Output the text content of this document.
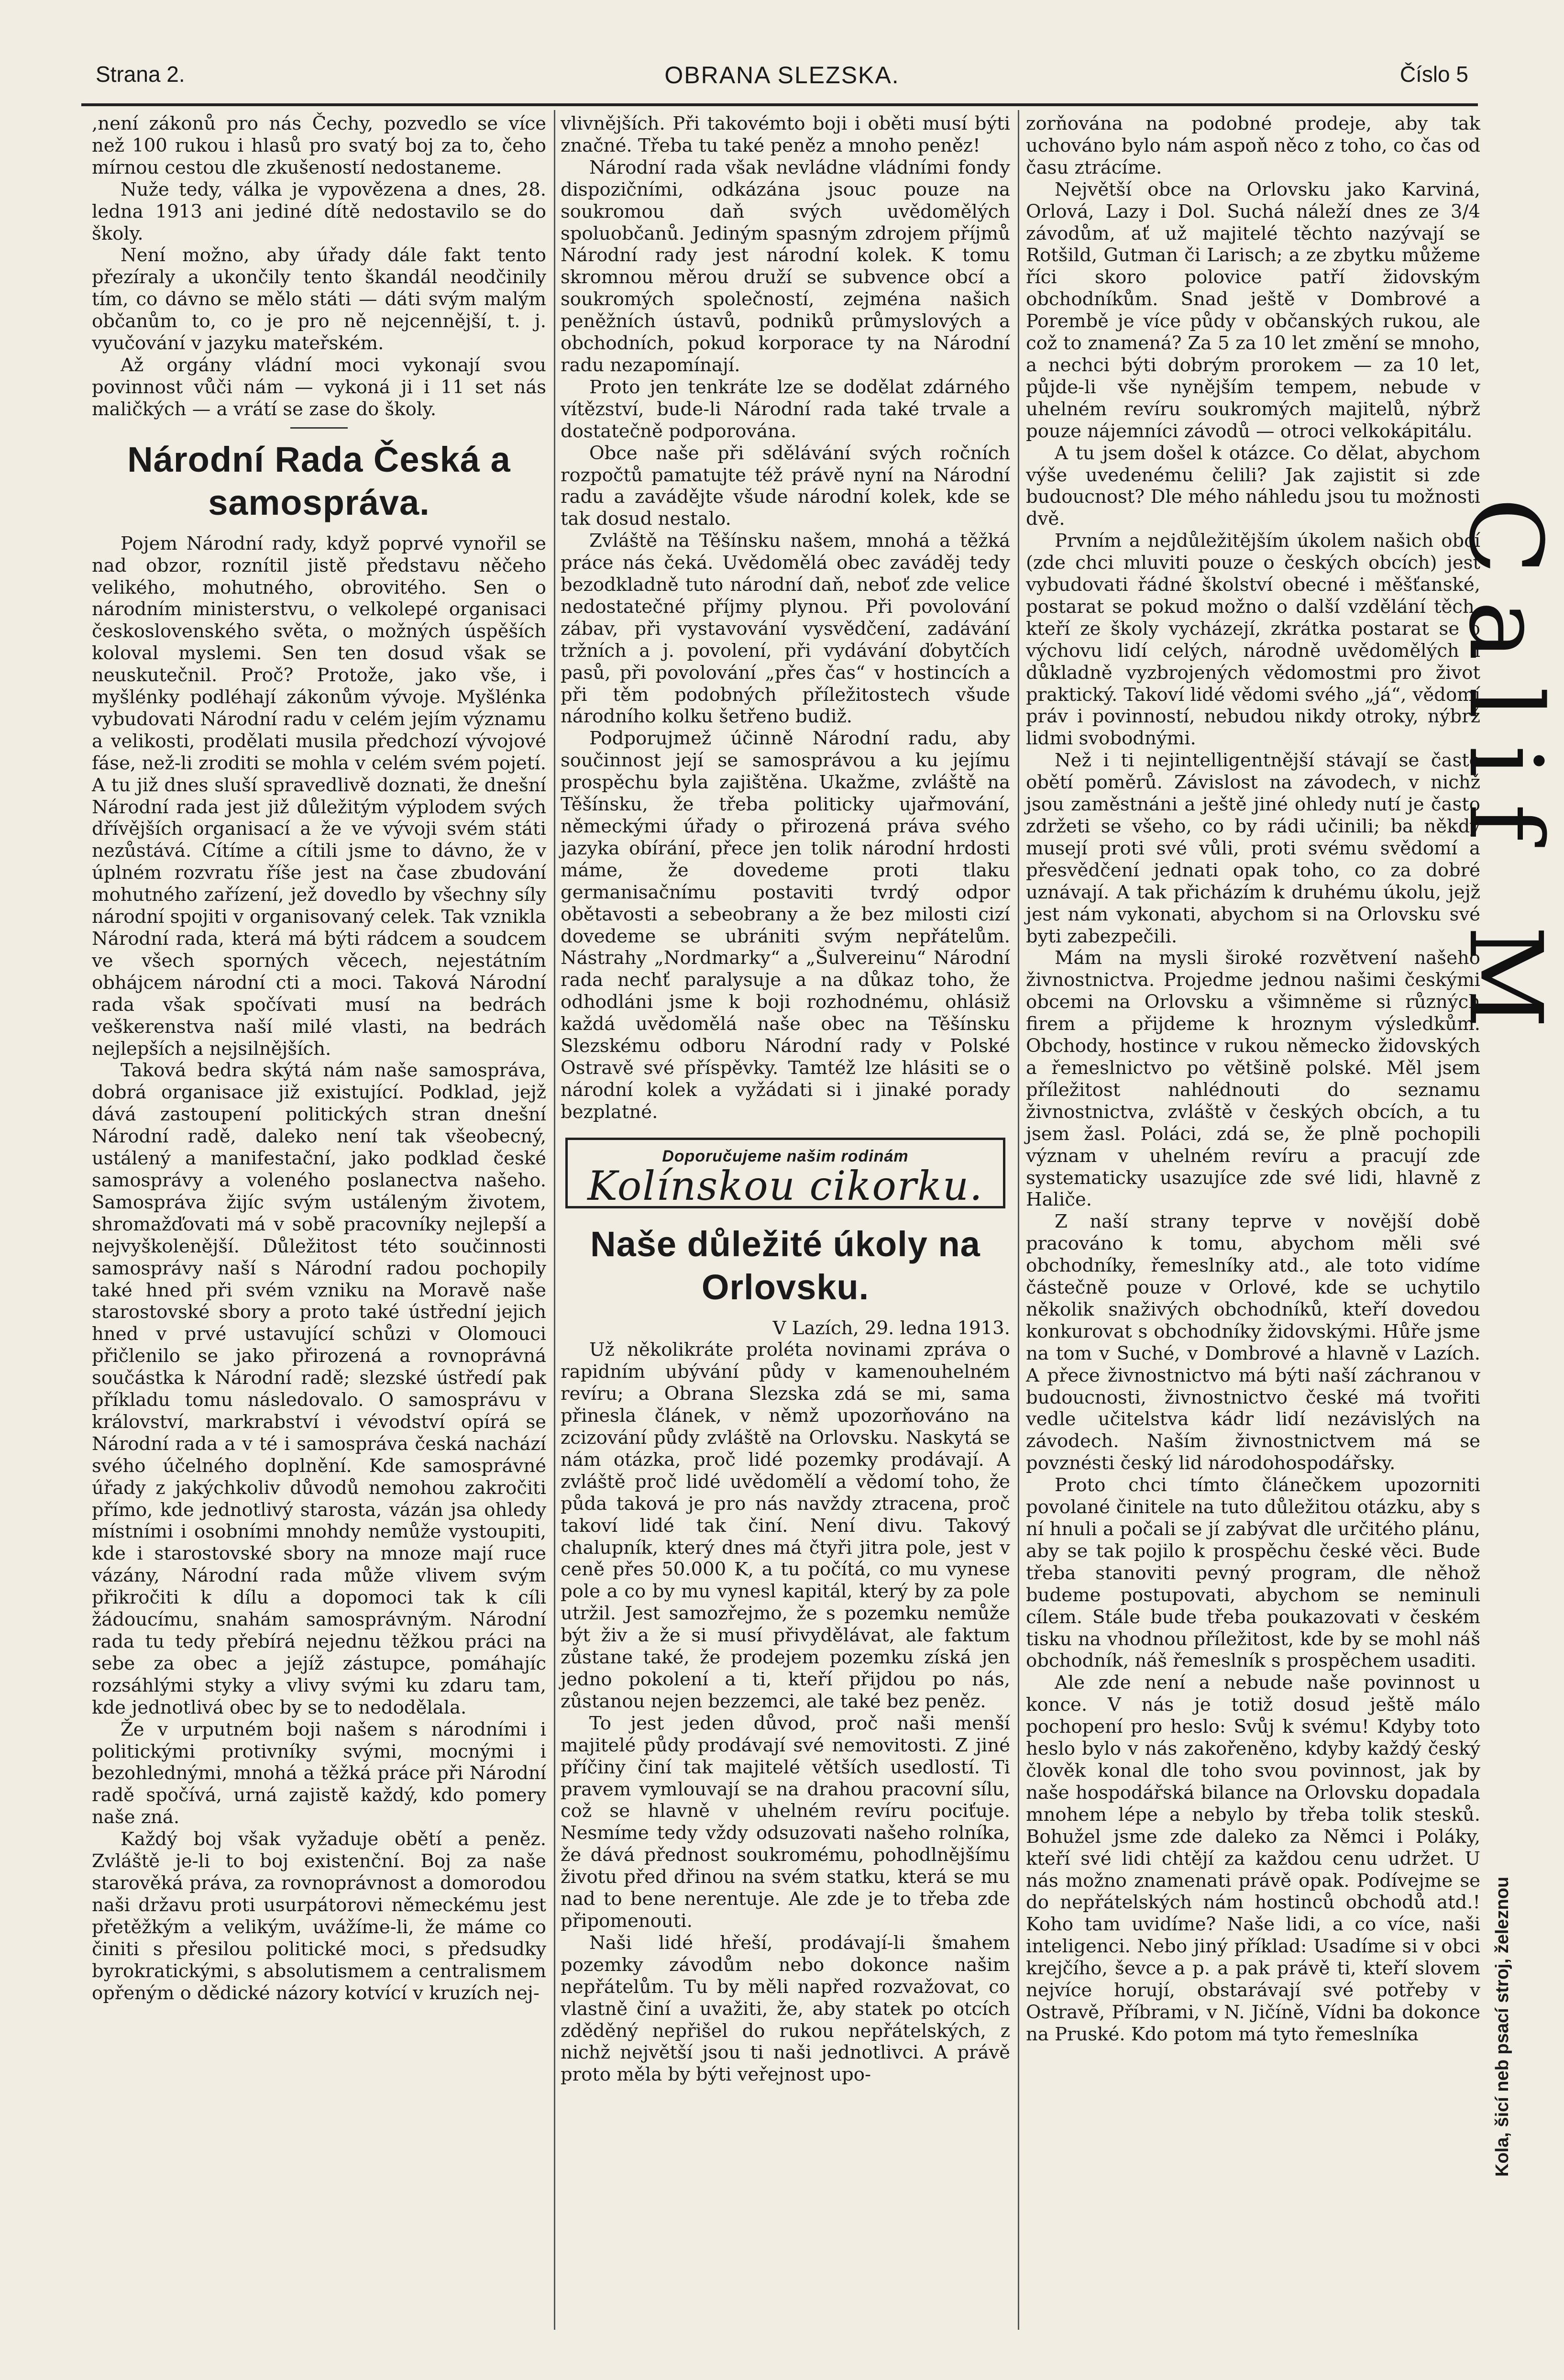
OBRANA SLEZSKA.
Strana 2.	Číslo 5

,není zákonů pro nás Čechy, pozvedlo se více než 100 rukou i hlasů pro svatý boj za to, čeho mírnou cestou dle zkušeností nedostaneme.

Nuže tedy, válka je vypovězena a dnes, 28. ledna 1913 ani jediné dítě nedostavilo se do školy.

Není možno, aby úřady dále fakt tento přezíraly a ukončily tento škandál neodčinily tím, co dávno se mělo státi — dáti svým malým občanům to, co je pro ně nejcennější, t. j. vyučování v jazyku mateřském.

Až orgány vládní moci vykonají svou povinnost vůči nám — vykoná ji i 11 set nás maličkých — a vrátí se zase do školy.

Národní Rada Česká a samospráva.

Pojem Národní rady, když poprvé vynořil se nad obzor, roznítil jistě představu něčeho velikého, mohutného, obrovitého. Sen o národním ministerstvu, o velkolepé organisaci československého světa, o možných úspěších koloval myslemi. Sen ten dosud však se neuskutečnil. Proč? Protože, jako vše, i myšlénky podléhají zákonům vývoje. Myšlénka vybudovati Národní radu v celém jejím významu a velikosti, prodělati musila předchozí vývojové fáse, než-li zroditi se mohla v celém svém pojetí. A tu již dnes sluší spravedlivě doznati, že dnešní Národní rada jest již důležitým výplodem svých dřívějších organisací a že ve vývoji svém státi nezůstává. Cítíme a cítili jsme to dávno, že v úplném rozvratu říše jest na čase zbudování mohutného zařízení, jež dovedlo by všechny síly národní spojiti v organisovaný celek. Tak vznikla Národní rada, která má býti rádcem a soudcem ve všech sporných věcech, nejestátním obhájcem národní cti a moci. Taková Národní rada však spočívati musí na bedrách veškerenstva naší milé vlasti, na bedrách nejlepších a nejsilnějších.

Taková bedra skýtá nám naše samospráva, dobrá organisace již existující. Podklad, jejž dává zastoupení politických stran dnešní Národní radě, daleko není tak všeobecný, ustálený a manifestační, jako podklad české samosprávy a voleného poslanectva našeho. Samospráva žijíc svým ustáleným životem, shromažďovati má v sobě pracovníky nejlepší a nejvyškolenější. Důležitost této součinnosti samosprávy naší s Národní radou pochopily také hned při svém vzniku na Moravě naše starostovské sbory a proto také ústřední jejich hned v prvé ustavující schůzi v Olomouci přičlenilo se jako přirozená a rovnoprávná součástka k Národní radě; slezské ústředí pak příkladu tomu následovalo. O samosprávu v království, markrabství i vévodství opírá se Národní rada a v té i samospráva česká nachází svého účelného doplnění. Kde samosprávné úřady z jakýchkoliv důvodů nemohou zakročiti přímo, kde jednotlivý starosta, vázán jsa ohledy místními i osobními mnohdy nemůže vystoupiti, kde i starostovské sbory na mnoze mají ruce vázány, Národní rada může vlivem svým přikročiti k dílu a dopomoci tak k cíli žádoucímu, snahám samosprávným. Národní rada tu tedy přebírá nejednu těžkou práci na sebe za obec a jejíž zástupce, pomáhajíc rozsáhlými styky a vlivy svými ku zdaru tam, kde jednotlivá obec by se to nedodělala.

Že v urputném boji našem s národními i politickými protivníky svými, mocnými i bezohlednými, mnohá a těžká práce při Národní radě spočívá, urná zajistě každý, kdo pomery naše zná.

Každý boj však vyžaduje obětí a peněz. Zvláště je-li to boj existenční. Boj za naše starověká práva, za rovnoprávnost a domorodou naši državu proti usurpátorovi německému jest přetěžkým a velikým, uvážíme-li, že máme co činiti s přesilou politické moci, s předsudky byrokratickými, s absolutismem a centralismem opřeným o dědické názory kotvící v kruzích nej-

vlivnějších. Při takovémto boji i oběti musí býti značné. Třeba tu také peněz a mnoho peněz!

Národní rada však nevládne vládními fondy dispozičními, odkázána jsouc pouze na soukromou daň svých uvědomělých spoluobčanů. Jediným spasným zdrojem příjmů Národní rady jest národní kolek. K tomu skromnou měrou druží se subvence obcí a soukromých společností, zejména našich peněžních ústavů, podniků průmyslových a obchodních, pokud korporace ty na Národní radu nezapomínají.

Proto jen tenkráte lze se dodělat zdárného vítězství, bude-li Národní rada také trvale a dostatečně podporována.

Obce naše při sdělávání svých ročních rozpočtů pamatujte též právě nyní na Národní radu a zavádějte všude národní kolek, kde se tak dosud nestalo.

Zvláště na Těšínsku našem, mnohá a těžká práce nás čeká. Uvědomělá obec zaváděj tedy bezodkladně tuto národní daň, neboť zde velice nedostatečné příjmy plynou. Při povolování zábav, při vystavování vysvědčení, zadávání tržních a j. povolení, při vydávání ďobytčích pasů, při povolování „přes čas“ v hostincích a při těm podobných příležitostech všude národního kolku šetřeno budiž.

Podporujmež účinně Národní radu, aby součinnost její se samosprávou a ku jejímu prospěchu byla zajištěna. Ukažme, zvláště na Těšínsku, že třeba politicky ujařmování, německými úřady o přirozená práva svého jazyka obírání, přece jen tolik národní hrdosti máme, že dovedeme proti tlaku germanisačnímu postaviti tvrdý odpor obětavosti a sebeobrany a že bez milosti cizí dovedeme se ubrániti svým nepřátelům. Nástrahy „Nordmarky“ a „Šulvereinu“ Národní rada nechť paralysuje a na důkaz toho, že odhodláni jsme k boji rozhodnému, ohlásiž každá uvědomělá naše obec na Těšínsku Slezskému odboru Národní rady v Polské Ostravě své příspěvky. Tamtéž lze hlásiti se o národní kolek a vyžádati si i jinaké porady bezplatné.

Doporučujeme našim rodinám
Kolínskou cikorku.
Naše důležité úkoly na Orlovsku.

V Lazích, 29. ledna 1913.

Už několikráte proléta novinami zpráva o rapidním ubývání půdy v kamenouhelném revíru; a Obrana Slezska zdá se mi, sama přinesla článek, v němž upozorňováno na zcizování půdy zvláště na Orlovsku. Naskytá se nám otázka, proč lidé pozemky prodávají. A zvláště proč lidé uvědomělí a vědomí toho, že půda taková je pro nás navždy ztracena, proč takoví lidé tak činí. Není divu. Takový chalupník, který dnes má čtyři jitra pole, jest v ceně přes 50.000 K, a tu počítá, co mu vynese pole a co by mu vynesl kapitál, který by za pole utržil. Jest samozřejmo, že s pozemku nemůže být živ a že si musí přivydělávat, ale faktum zůstane také, že prodejem pozemku získá jen jedno pokolení a ti, kteří přijdou po nás, zůstanou nejen bezzemci, ale také bez peněz.

To jest jeden důvod, proč naši menší majitelé půdy prodávají své nemovitosti. Z jiné příčiny činí tak majitelé větších usedlostí. Ti pravem vymlouvají se na drahou pracovní sílu, což se hlavně v uhelném revíru pociťuje. Nesmíme tedy vždy odsuzovati našeho rolníka, že dává přednost soukromému, pohodlnějšímu životu před dřinou na svém statku, která se mu nad to bene nerentuje. Ale zde je to třeba zde připomenouti.

Naši lidé hřeší, prodávají-li šmahem pozemky závodům nebo dokonce našim nepřátelům. Tu by měli napřed rozvažovat, co vlastně činí a uvažiti, že, aby statek po otcích zděděný nepřišel do rukou nepřátelských, z nichž největší jsou ti naši jednotlivci. A právě proto měla by býti veřejnost upo-

zorňována na podobné prodeje, aby tak uchováno bylo nám aspoň něco z toho, co čas od času ztrácíme.

Největší obce na Orlovsku jako Karviná, Orlová, Lazy i Dol. Suchá náleží dnes ze 3/4 závodům, ať už majitelé těchto nazývají se Rotšild, Gutman či Larisch; a ze zbytku můžeme říci skoro polovice patří židovským obchodníkům. Snad ještě v Dombrové a Porembě je více půdy v občanských rukou, ale což to znamená? Za 5 za 10 let změní se mnoho, a nechci býti dobrým prorokem — za 10 let, půjde-li vše nynějším tempem, nebude v uhelném revíru soukromých majitelů, nýbrž pouze nájemníci závodů — otroci velkokápitálu.

A tu jsem došel k otázce. Co dělat, abychom výše uvedenému čelili? Jak zajistit si zde budoucnost? Dle mého náhledu jsou tu možnosti dvě.

Prvním a nejdůležitějším úkolem našich obcí (zde chci mluviti pouze o českých obcích) jest vybudovati řádné školství obecné i měšťanské, postarat se pokud možno o další vzdělání těch, kteří ze školy vycházejí, zkrátka postarat se o výchovu lidí celých, národně uvědomělých i důkladně vyzbrojených vědomostmi pro život praktický. Takoví lidé vědomi svého „já“, vědomí práv i povinností, nebudou nikdy otroky, nýbrž lidmi svobodnými.

Než i ti nejintelligentnější stávají se často obětí poměrů. Závislost na závodech, v nichž jsou zaměstnáni a ještě jiné ohledy nutí je často zdržeti se všeho, co by rádi učinili; ba někdy musejí proti své vůli, proti svému svědomí a přesvědčení jednati opak toho, co za dobré uznávají. A tak přicházím k druhému úkolu, jejž jest nám vykonati, abychom si na Orlovsku své byti zabezpečili.

Mám na mysli široké rozvětvení našeho živnostnictva. Projedme jednou našimi českými obcemi na Orlovsku a všimněme si různých firem a přijdeme k hroznym výsledkům. Obchody, hostince v rukou německo židovských a řemeslnictvo po většině polské. Měl jsem příležitost nahlédnouti do seznamu živnostnictva, zvláště v českých obcích, a tu jsem žasl. Poláci, zdá se, že plně pochopili význam v uhelném revíru a pracují zde systematicky usazujíce zde své lidi, hlavně z Haliče.

Z naší strany teprve v novější době pracováno k tomu, abychom měli své obchodníky, řemeslníky atd., ale toto vidíme částečně pouze v Orlové, kde se uchytilo několik snaživých obchodníků, kteří dovedou konkurovat s obchodníky židovskými. Hůře jsme na tom v Suché, v Dombrové a hlavně v Lazích. A přece živnostnictvo má býti naší záchranou v budoucnosti, živnostnictvo české má tvořiti vedle učitelstva kádr lidí nezávislých na závodech. Naším živnostnictvem má se povznésti český lid národohospodářsky.

Proto chci tímto článečkem upozorniti povolané činitele na tuto důležitou otázku, aby s ní hnuli a počali se jí zabývat dle určitého plánu, aby se tak pojilo k prospěchu české věci. Bude třeba stanoviti pevný program, dle něhož budeme postupovati, abychom se neminuli cílem. Stále bude třeba poukazovati v českém tisku na vhodnou příležitost, kde by se mohl náš obchodník, náš řemeslník s prospěchem usaditi.

Ale zde není a nebude naše povinnost u konce. V nás je totiž dosud ještě málo pochopení pro heslo: Svůj k svému! Kdyby toto heslo bylo v nás zakořeněno, kdyby každý český člověk konal dle toho svou povinnost, jak by naše hospodářská bilance na Orlovsku dopadala mnohem lépe a nebylo by třeba tolik stesků. Bohužel jsme zde daleko za Němci i Poláky, kteří své lidi chtějí za každou cenu udržet. U nás možno znamenati právě opak. Podívejme se do nepřátelských nám hostinců obchodů atd.! Koho tam uvidíme? Naše lidi, a co více, naši inteligenci. Nebo jiný příklad: Usadíme si v obci krejčího, ševce a p. a pak právě ti, kteří slovem nejvíce horují, obstarávají své potřeby v Ostravě, Příbrami, v N. Jičíně, Vídni ba dokonce na Pruské. Kdo potom má tyto řemeslníka

Calif M
Kola, šicí neb psací stroj, železnou
